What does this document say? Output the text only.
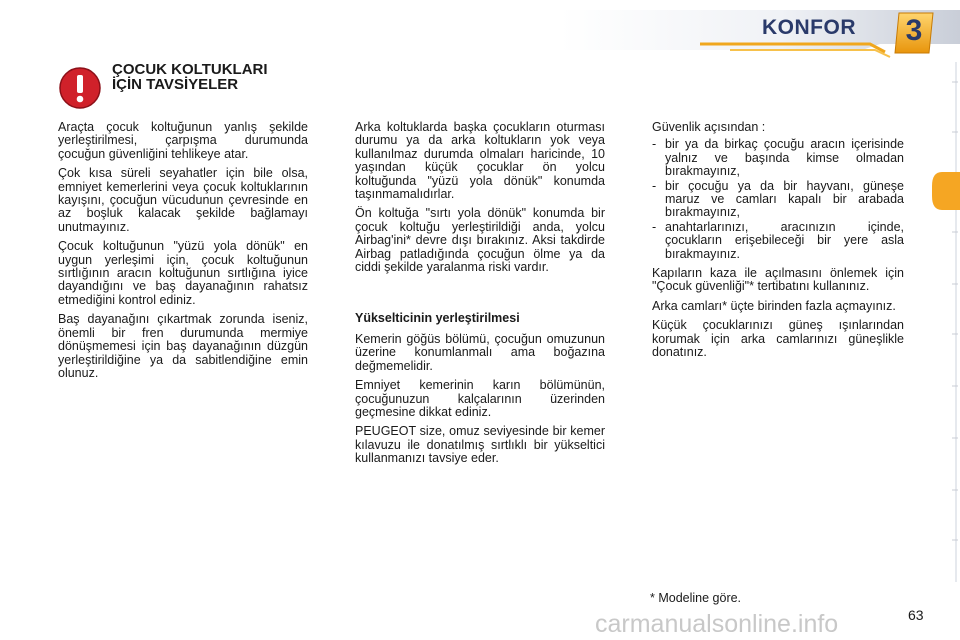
3
KONFOR
ÇOCUK KOLTUKLARI
İÇİN TAVSİYELER

Araçta çocuk koltuğunun yanlış şekilde yerleştirilmesi, çarpışma durumunda çocuğun güvenliğini tehlikeye atar.

Çok kısa süreli seyahatler için bile olsa, emniyet kemerlerini veya çocuk koltuklarının kayışını, çocuğun vücudunun çevresinde en az boşluk kalacak şekilde bağlamayı unutmayınız.

Çocuk koltuğunun "yüzü yola dönük" en uygun yerleşimi için, çocuk koltuğunun sırtlığının aracın koltuğunun sırtlığına iyice dayandığını ve baş dayanağının rahatsız etmediğini kontrol ediniz.

Baş dayanağını çıkartmak zorunda iseniz, önemli bir fren durumunda mermiye dönüşmemesi için baş dayanağının düzgün yerleştirildiğine ya da sabitlendiğine emin olunuz.

Arka koltuklarda başka çocukların oturması durumu ya da arka koltukların yok veya kullanılmaz durumda olmaları haricinde, 10 yaşından küçük çocuklar ön yolcu koltuğunda "yüzü yola dönük" konumda taşınmamalıdırlar.

Ön koltuğa "sırtı yola dönük" konumda bir çocuk koltuğu yerleştirildiği anda, yolcu Airbag'ini* devre dışı bırakınız. Aksi takdirde Airbag patladığında çocuğun ölme ya da ciddi şekilde yaralanma riski vardır.

Yükselticinin yerleştirilmesi

Kemerin göğüs bölümü, çocuğun omuzunun üzerine konumlanmalı ama boğazına değmemelidir.

Emniyet kemerinin karın bölümünün, çocuğunuzun kalçalarının üzerinden geçmesine dikkat ediniz.

PEUGEOT size, omuz seviyesinde bir kemer kılavuzu ile donatılmış sırtlıklı bir yükseltici kullanmanızı tavsiye eder.

Güvenlik açısından :

- bir ya da birkaç çocuğu aracın içerisinde yalnız ve başında kimse olmadan bırakmayınız,
- bir çocuğu ya da bir hayvanı, güneşe maruz ve camları kapalı bir arabada bırakmayınız,
- anahtarlarınızı, aracınızın içinde, çocukların erişebileceği bir yere asla bırakmayınız.

Kapıların kaza ile açılmasını önlemek için "Çocuk güvenliği"* tertibatını kullanınız.

Arka camları* üçte birinden fazla açmayınız.

Küçük çocuklarınızı güneş ışınlarından korumak için arka camlarınızı güneşlikle donatınız.

* Modeline göre.
carmanualsonline.info	63
